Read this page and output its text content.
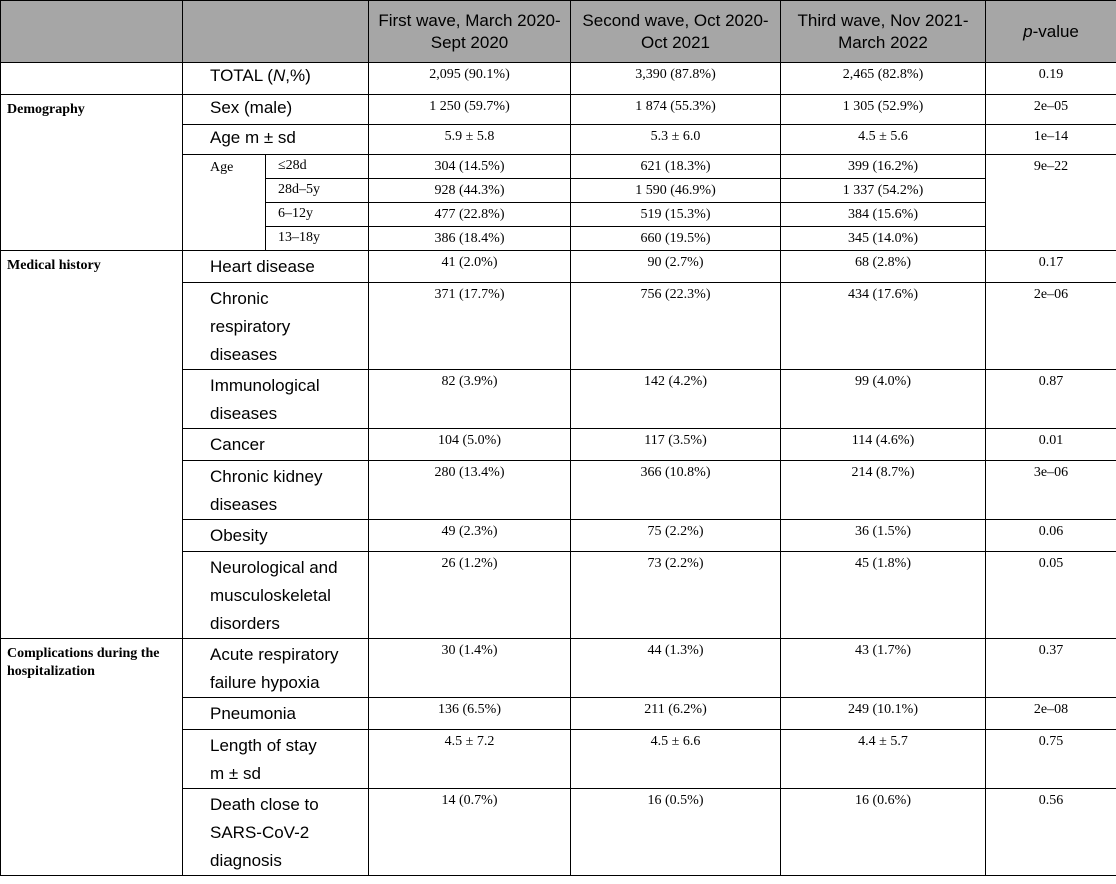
			First wave, March 2020-Sept 2020	Second wave, Oct 2020-Oct 2021	Third wave, Nov 2021-March 2022	p-value
	TOTAL (N,%)		2,095 (90.1%)	3,390 (87.8%)	2,465 (82.8%)	0.19
Demography	Sex (male)		1 250 (59.7%)	1 874 (55.3%)	1 305 (52.9%)	2e–05
	Age m ± sd		5.9 ± 5.8	5.3 ± 6.0	4.5 ± 5.6	1e–14
	Age	≤28d	304 (14.5%)	621 (18.3%)	399 (16.2%)	9e–22
		28d–5y	928 (44.3%)	1 590 (46.9%)	1 337 (54.2%)	
		6–12y	477 (22.8%)	519 (15.3%)	384 (15.6%)	
		13–18y	386 (18.4%)	660 (19.5%)	345 (14.0%)	
Medical history	Heart disease		41 (2.0%)	90 (2.7%)	68 (2.8%)	0.17

	Chronic
respiratory
diseases		371 (17.7%)	756 (22.3%)	434 (17.6%)	2e–06

	Immunological
diseases		82 (3.9%)	142 (4.2%)	99 (4.0%)	0.87

	Cancer		104 (5.0%)	117 (3.5%)	114 (4.6%)	0.01

	Chronic kidney
diseases		280 (13.4%)	366 (10.8%)	214 (8.7%)	3e–06

	Obesity		49 (2.3%)	75 (2.2%)	36 (1.5%)	0.06

	Neurological and
musculoskeletal
disorders		26 (1.2%)	73 (2.2%)	45 (1.8%)	0.05
Complications during the hospitalization	Acute respiratory
failure hypoxia		30 (1.4%)	44 (1.3%)	43 (1.7%)	0.37

	Pneumonia		136 (6.5%)	211 (6.2%)	249 (10.1%)	2e–08

	Length of stay
m ± sd		4.5 ± 7.2	4.5 ± 6.6	4.4 ± 5.7	0.75

	Death close to
SARS-CoV-2
diagnosis		14 (0.7%)	16 (0.5%)	16 (0.6%)	0.56
